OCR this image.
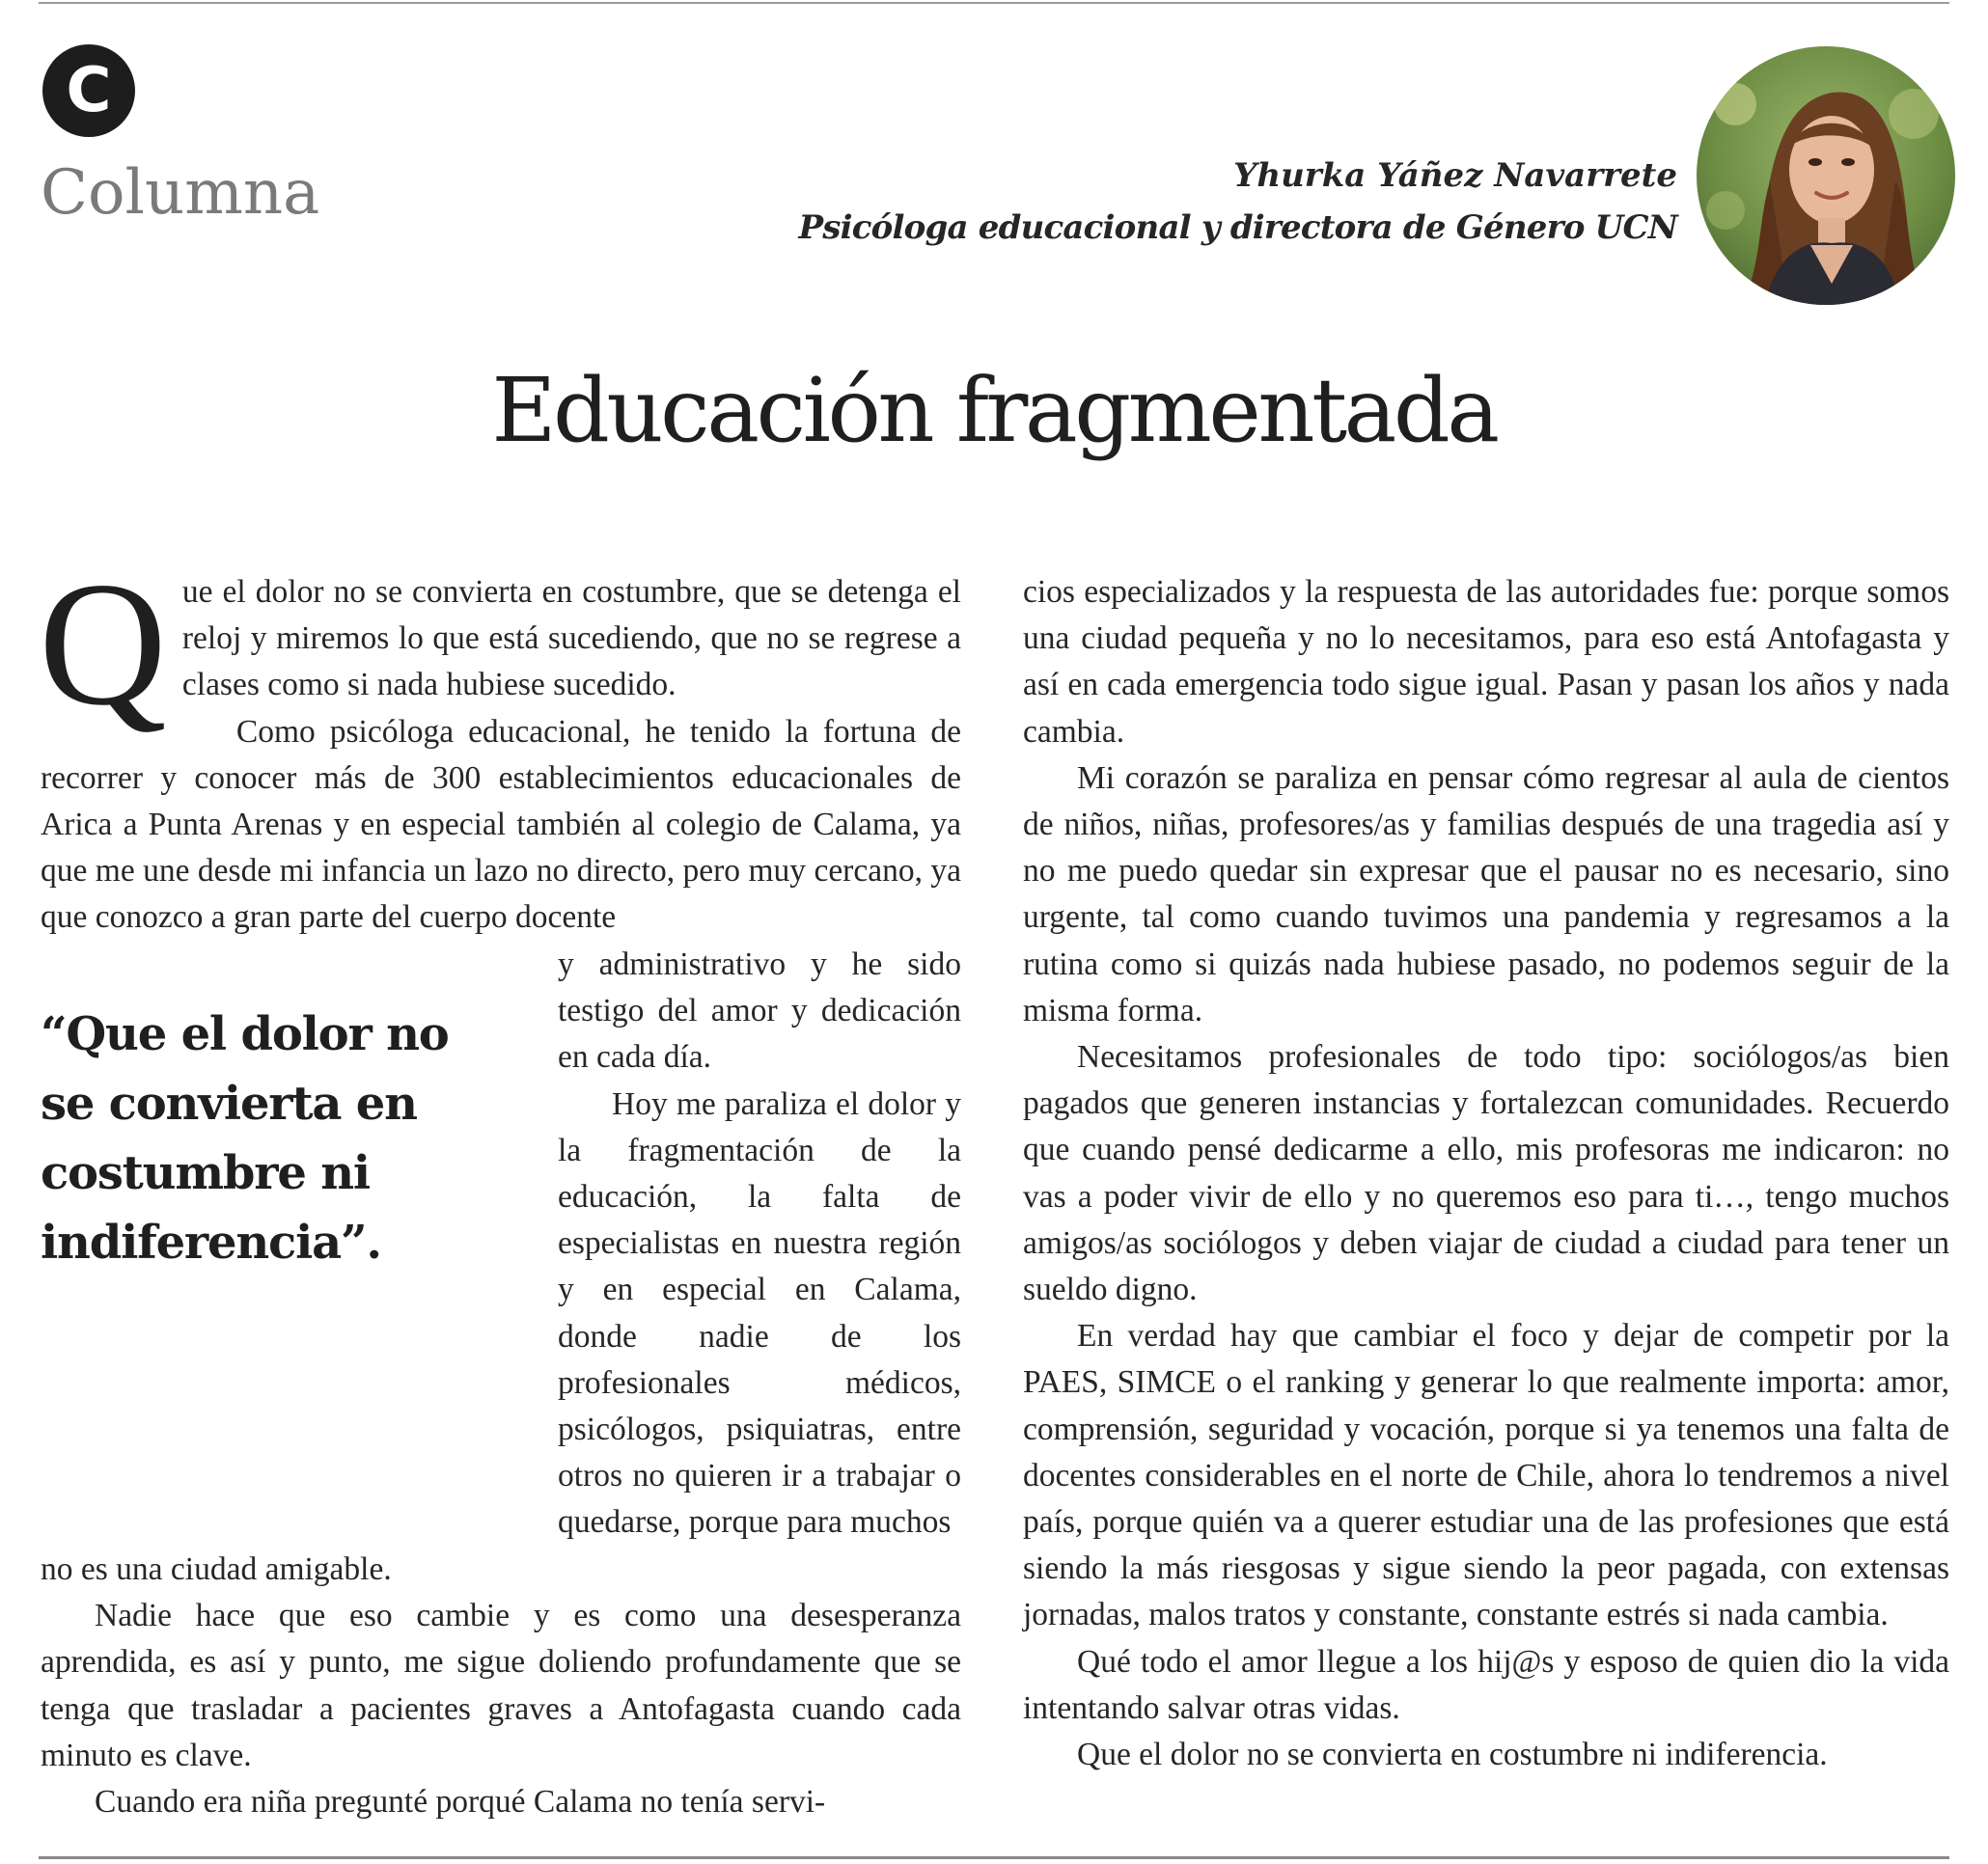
C
Columna	Yhurka Yáñez Navarrete
Psicóloga educacional y directora de Género UCN
Educación fragmentada

Que el dolor no se convierta en costumbre, que se detenga el reloj y miremos lo que está sucediendo, que no se regrese a clases como si nada hubiese sucedido.

Como psicóloga educacional, he tenido la fortuna de recorrer y conocer más de 300 establecimientos educacionales de Arica a Punta Arenas y en especial también al colegio de Calama, ya que me une desde mi infancia un lazo no directo, pero muy cercano, ya que conozco a gran parte del cuerpo docente

“Que el dolor no se convierta en costumbre ni indiferencia”.

y administrativo y he sido testigo del amor y dedicación en cada día.

Hoy me paraliza el dolor y la fragmentación de la educación, la falta de especialistas en nuestra región y en especial en Calama, donde nadie de los profesionales médicos, psicólogos, psiquiatras, entre otros no quieren ir a trabajar o quedarse, porque para muchos

no es una ciudad amigable.

Nadie hace que eso cambie y es como una desesperanza aprendida, es así y punto, me sigue doliendo profundamente que se tenga que trasladar a pacientes graves a Antofagasta cuando cada minuto es clave.

Cuando era niña pregunté porqué Calama no tenía servi-

cios especializados y la respuesta de las autoridades fue: porque somos una ciudad pequeña y no lo necesitamos, para eso está Antofagasta y así en cada emergencia todo sigue igual. Pasan y pasan los años y nada cambia.

Mi corazón se paraliza en pensar cómo regresar al aula de cientos de niños, niñas, profesores/as y familias después de una tragedia así y no me puedo quedar sin expresar que el pausar no es necesario, sino urgente, tal como cuando tuvimos una pandemia y regresamos a la rutina como si quizás nada hubiese pasado, no podemos seguir de la misma forma.

Necesitamos profesionales de todo tipo: sociólogos/as bien pagados que generen instancias y fortalezcan comunidades. Recuerdo que cuando pensé dedicarme a ello, mis profesoras me indicaron: no vas a poder vivir de ello y no queremos eso para ti…, tengo muchos amigos/as sociólogos y deben viajar de ciudad a ciudad para tener un sueldo digno.

En verdad hay que cambiar el foco y dejar de competir por la PAES, SIMCE o el ranking y generar lo que realmente importa: amor, comprensión, seguridad y vocación, porque si ya tenemos una falta de docentes considerables en el norte de Chile, ahora lo tendremos a nivel país, porque quién va a querer estudiar una de las profesiones que está siendo la más riesgosas y sigue siendo la peor pagada, con extensas jornadas, malos tratos y constante, constante estrés si nada cambia.

Qué todo el amor llegue a los hij@s y esposo de quien dio la vida intentando salvar otras vidas.

Que el dolor no se convierta en costumbre ni indiferencia.
